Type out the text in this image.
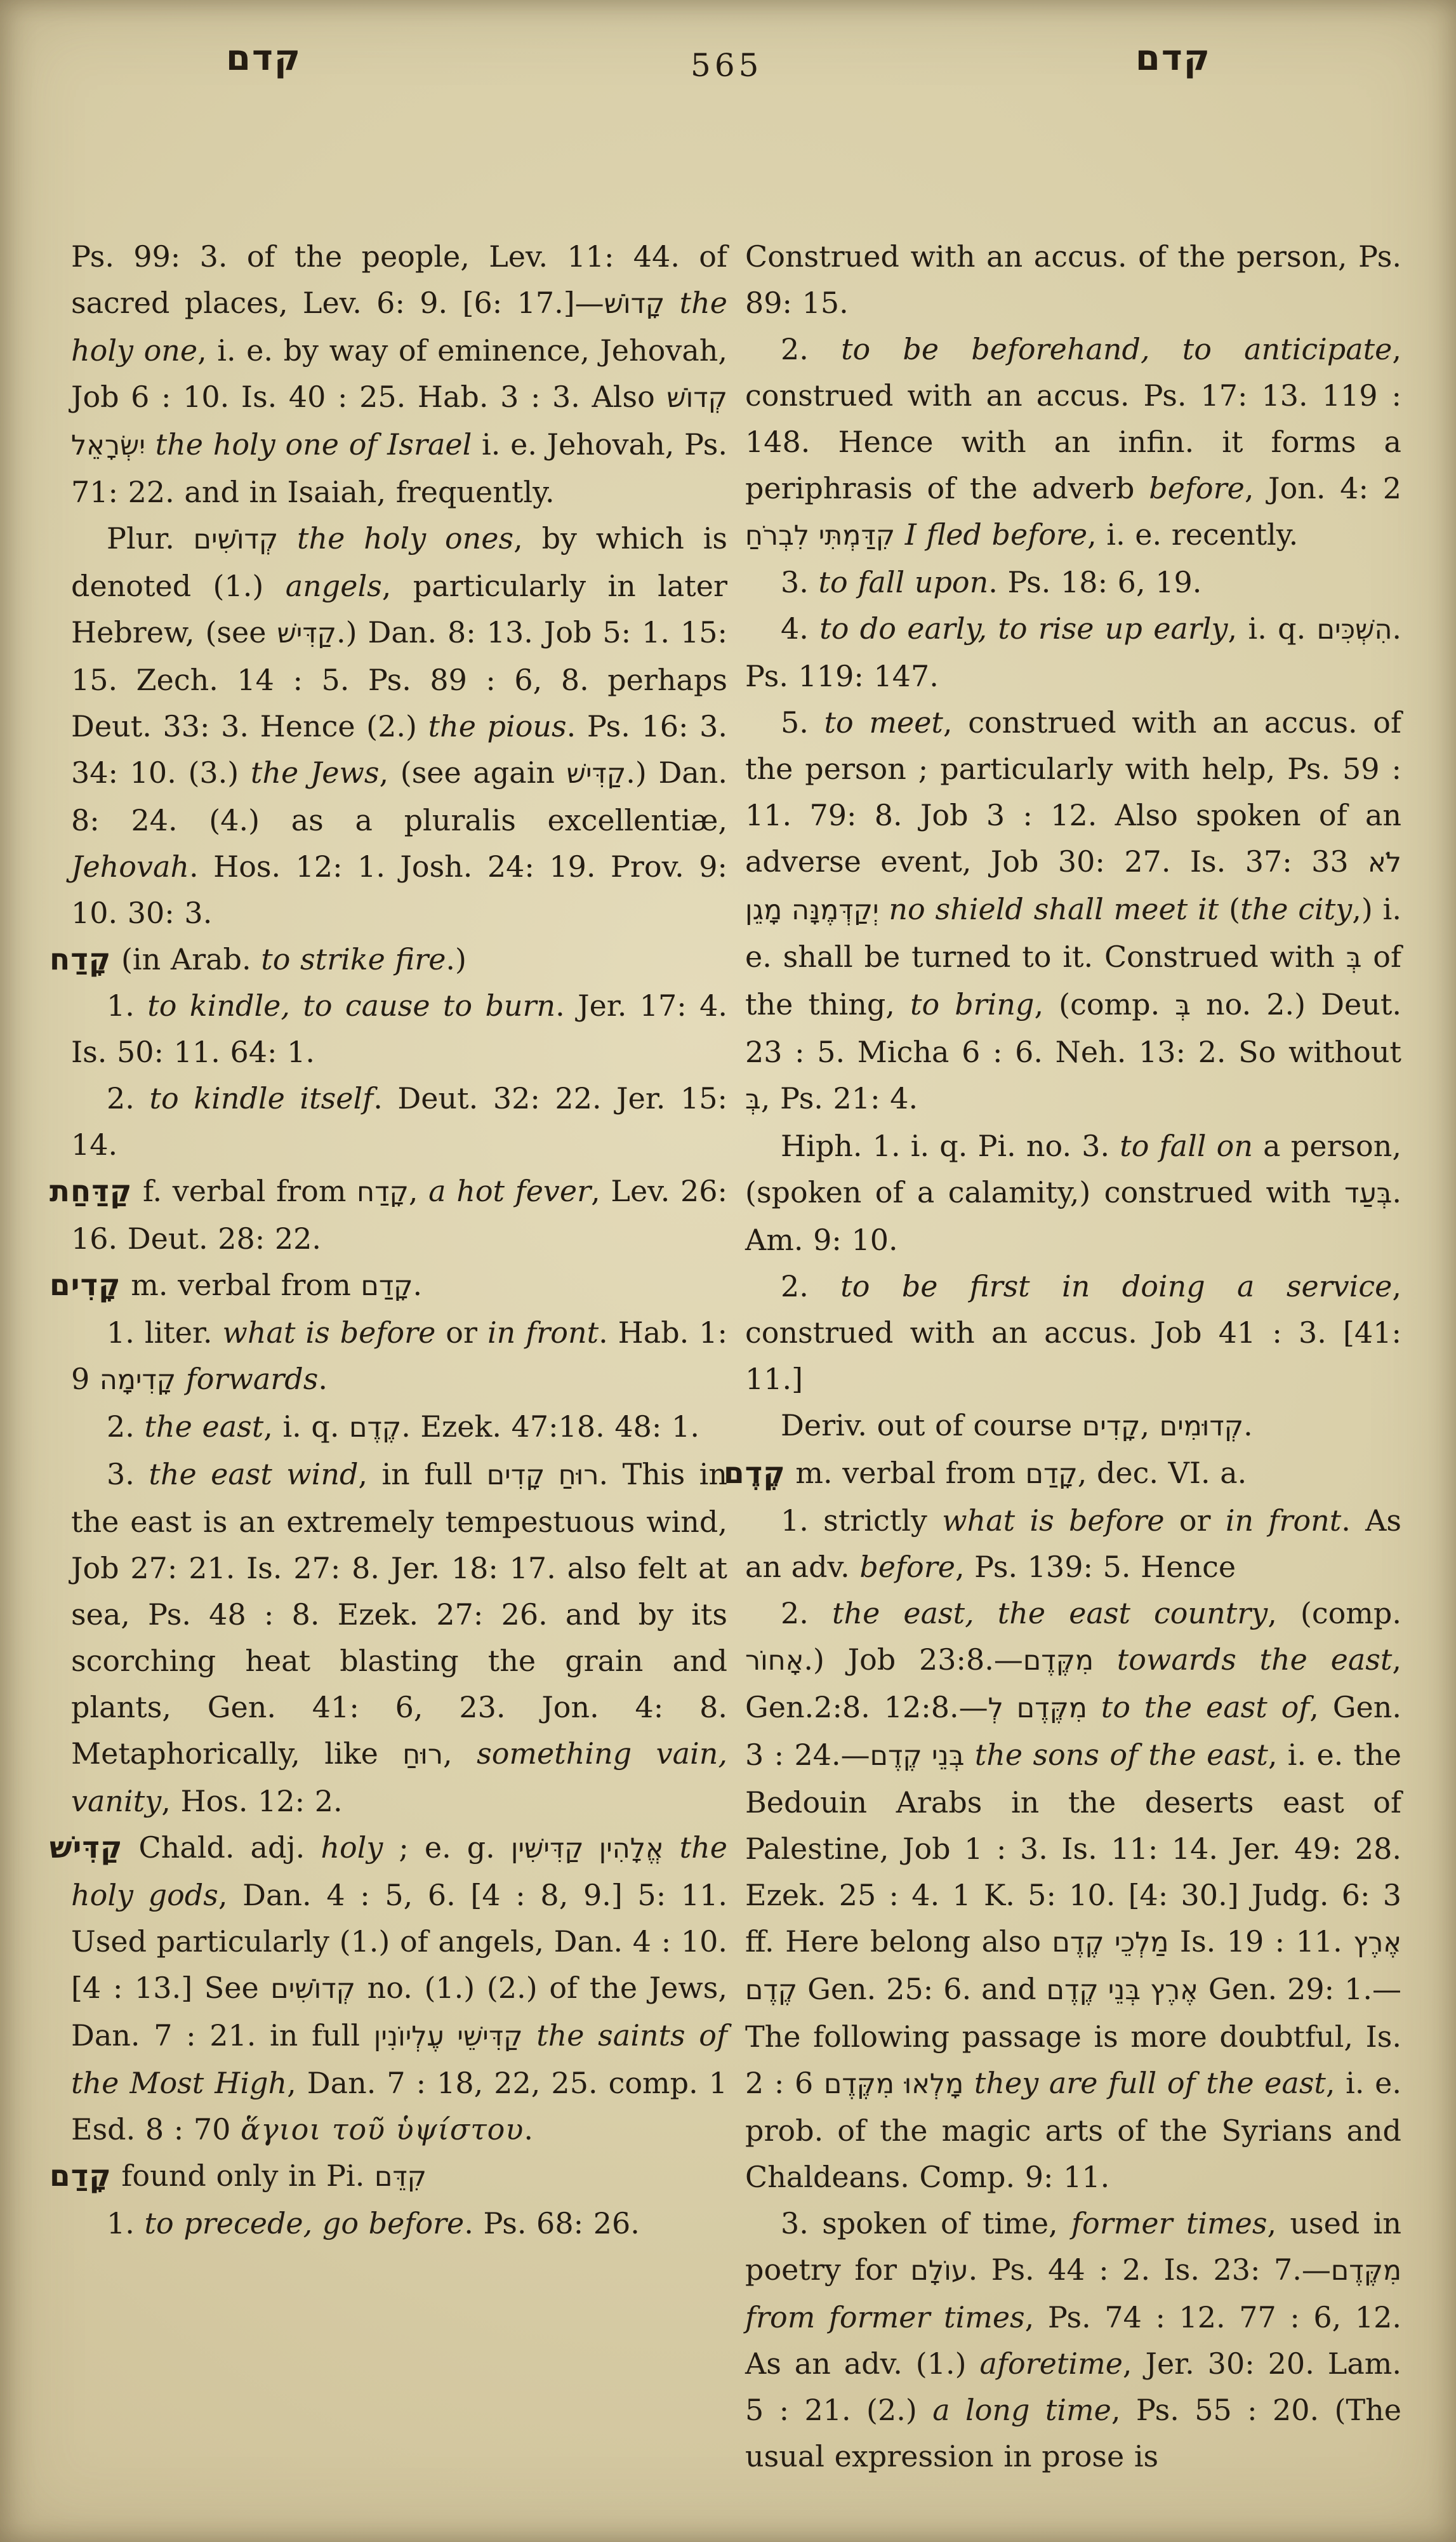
קדם	565	קדם

Ps. 99: 3. of the people, Lev. 11: 44. of sacred places, Lev. 6: 9. [6: 17.]—קָדוֹשׁ the holy one, i. e. by way of eminence, Jehovah, Job 6 : 10. Is. 40 : 25. Hab. 3 : 3. Also קְדוֹשׁ יִשְׂרָאֵל the holy one of Israel i. e. Jehovah, Ps. 71: 22. and in Isaiah, frequently.

Plur. קְדוֹשִׁים the holy ones, by which is denoted (1.) angels, particularly in later Hebrew, (see קַדִּישׁ.) Dan. 8: 13. Job 5: 1. 15: 15. Zech. 14 : 5. Ps. 89 : 6, 8. perhaps Deut. 33: 3. Hence (2.) the pious. Ps. 16: 3. 34: 10. (3.) the Jews, (see again קַדִּישׁ.) Dan. 8: 24. (4.) as a pluralis excellentiæ, Jehovah. Hos. 12: 1. Josh. 24: 19. Prov. 9: 10. 30: 3.

קָדַח (in Arab. to strike fire.)

1. to kindle, to cause to burn. Jer. 17: 4. Is. 50: 11. 64: 1.

2. to kindle itself. Deut. 32: 22. Jer. 15: 14.

קַדַּחַת f. verbal from קָדַח, a hot fever, Lev. 26: 16. Deut. 28: 22.

קָדִים m. verbal from קָדַם.

1. liter. what is before or in front. Hab. 1: 9 קָדִימָה forwards.

2. the east, i. q. קֶדֶם. Ezek. 47:18. 48: 1.

3. the east wind, in full רוּחַ קָדִים. This in the east is an extremely tempestuous wind, Job 27: 21. Is. 27: 8. Jer. 18: 17. also felt at sea, Ps. 48 : 8. Ezek. 27: 26. and by its scorching heat blasting the grain and plants, Gen. 41: 6, 23. Jon. 4: 8. Metaphorically, like רוּחַ, something vain, vanity, Hos. 12: 2.

קַדִּישׁ Chald. adj. holy ; e. g. אֱלָהִין קַדִּישִׁין the holy gods, Dan. 4 : 5, 6. [4 : 8, 9.] 5: 11. Used particularly (1.) of angels, Dan. 4 : 10. [4 : 13.] See קְדוֹשִׁים no. (1.) (2.) of the Jews, Dan. 7 : 21. in full קַדִּישֵׁי עֶלְיוֹנִין the saints of the Most High, Dan. 7 : 18, 22, 25. comp. 1 Esd. 8 : 70 ἅγιοι τοῦ ὑψίστου.

קָדַם found only in Pi. קִדֵּם

1. to precede, go before. Ps. 68: 26.

Construed with an accus. of the person, Ps. 89: 15.

2. to be beforehand, to anticipate, construed with an accus. Ps. 17: 13. 119 : 148. Hence with an infin. it forms a periphrasis of the adverb before, Jon. 4: 2 קִדַּמְתִּי לִבְרֹחַ I fled before, i. e. recently.

3. to fall upon. Ps. 18: 6, 19.

4. to do early, to rise up early, i. q. הִשְׁכִּים. Ps. 119: 147.

5. to meet, construed with an accus. of the person ; particularly with help, Ps. 59 : 11. 79: 8. Job 3 : 12. Also spoken of an adverse event, Job 30: 27. Is. 37: 33 לֹא יְקַדְּמֶנָּה מָגֵן no shield shall meet it (the city,) i. e. shall be turned to it. Construed with בְּ of the thing, to bring, (comp. בְּ no. 2.) Deut. 23 : 5. Micha 6 : 6. Neh. 13: 2. So without בְּ, Ps. 21: 4.

Hiph. 1. i. q. Pi. no. 3. to fall on a person, (spoken of a calamity,) construed with בְּעַד. Am. 9: 10.

2. to be first in doing a service, construed with an accus. Job 41 : 3. [41: 11.]

Deriv. out of course קָדִים, קְדוּמִים.

קֶדֶם m. verbal from קָדַם, dec. VI. a.

1. strictly what is before or in front. As an adv. before, Ps. 139: 5. Hence

2. the east, the east country, (comp. אָחוֹר.) Job 23:8.—מִקֶּדֶם towards the east, Gen.2:8. 12:8.—מִקֶּדֶם לְ to the east of, Gen. 3 : 24.—בְּנֵי קֶדֶם the sons of the east, i. e. the Bedouin Arabs in the deserts east of Palestine, Job 1 : 3. Is. 11: 14. Jer. 49: 28. Ezek. 25 : 4. 1 K. 5: 10. [4: 30.] Judg. 6: 3 ff. Here belong also מַלְכֵי קֶדֶם Is. 19 : 11. אֶרֶץ קֶדֶם Gen. 25: 6. and אֶרֶץ בְּנֵי קֶדֶם Gen. 29: 1.—The following passage is more doubtful, Is. 2 : 6 מָלְאוּ מִקֶּדֶם they are full of the east, i. e. prob. of the magic arts of the Syrians and Chaldeans. Comp. 9: 11.

3. spoken of time, former times, used in poetry for עוֹלָם. Ps. 44 : 2. Is. 23: 7.—מִקֶּדֶם from former times, Ps. 74 : 12. 77 : 6, 12. As an adv. (1.) aforetime, Jer. 30: 20. Lam. 5 : 21. (2.) a long time, Ps. 55 : 20. (The usual expression in prose is
